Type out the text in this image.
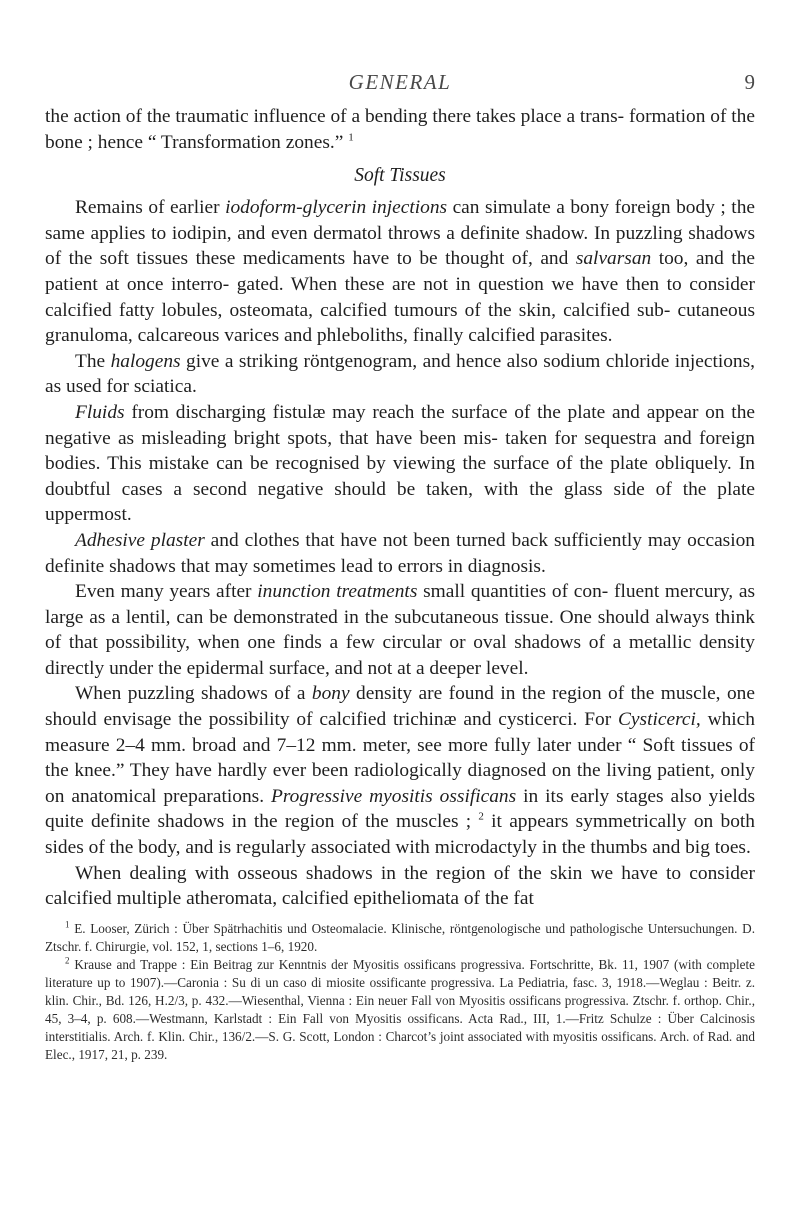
GENERAL	9

the action of the traumatic influence of a bending there takes place a trans- formation of the bone ; hence “ Transformation zones.” $^1$

Soft Tissues

Remains of earlier iodoform-glycerin injections can simulate a bony foreign body ; the same applies to iodipin, and even dermatol throws a definite shadow. In puzzling shadows of the soft tissues these medicaments have to be thought of, and salvarsan too, and the patient at once interro- gated. When these are not in question we have then to consider calcified fatty lobules, osteomata, calcified tumours of the skin, calcified sub- cutaneous granuloma, calcareous varices and phleboliths, finally calcified parasites.

The halogens give a striking röntgenogram, and hence also sodium chloride injections, as used for sciatica.

Fluids from discharging fistulæ may reach the surface of the plate and appear on the negative as misleading bright spots, that have been mis- taken for sequestra and foreign bodies. This mistake can be recognised by viewing the surface of the plate obliquely. In doubtful cases a second negative should be taken, with the glass side of the plate uppermost.

Adhesive plaster and clothes that have not been turned back sufficiently may occasion definite shadows that may sometimes lead to errors in diagnosis.

Even many years after inunction treatments small quantities of con- fluent mercury, as large as a lentil, can be demonstrated in the subcutaneous tissue. One should always think of that possibility, when one finds a few circular or oval shadows of a metallic density directly under the epidermal surface, and not at a deeper level.

When puzzling shadows of a bony density are found in the region of the muscle, one should envisage the possibility of calcified trichinæ and cysticerci. For Cysticerci, which measure 2–4 mm. broad and 7–12 mm. meter, see more fully later under “ Soft tissues of the knee.” They have hardly ever been radiologically diagnosed on the living patient, only on anatomical preparations. Progressive myositis ossificans in its early stages also yields quite definite shadows in the region of the muscles ; $^2$ it appears symmetrically on both sides of the body, and is regularly associated with microdactyly in the thumbs and big toes.

When dealing with osseous shadows in the region of the skin we have to consider calcified multiple atheromata, calcified epitheliomata of the fat

$^1$ E. Looser, Zürich : Über Spätrhachitis und Osteomalacie. Klinische, röntgenologische und pathologische Untersuchungen. D. Ztschr. f. Chirurgie, vol. 152, 1, sections 1–6, 1920.

$^2$ Krause and Trappe : Ein Beitrag zur Kenntnis der Myositis ossificans progressiva. Fortschritte, Bk. 11, 1907 (with complete literature up to 1907).—Caronia : Su di un caso di miosite ossificante progressiva. La Pediatria, fasc. 3, 1918.—Weglau : Beitr. z. klin. Chir., Bd. 126, H.2/3, p. 432.—Wiesenthal, Vienna : Ein neuer Fall von Myositis ossificans progressiva. Ztschr. f. orthop. Chir., 45, 3–4, p. 608.—Westmann, Karlstadt : Ein Fall von Myositis ossificans. Acta Rad., III, 1.—Fritz Schulze : Über Calcinosis interstitialis. Arch. f. Klin. Chir., 136/2.—S. G. Scott, London : Charcot’s joint associated with myositis ossificans. Arch. of Rad. and Elec., 1917, 21, p. 239.
